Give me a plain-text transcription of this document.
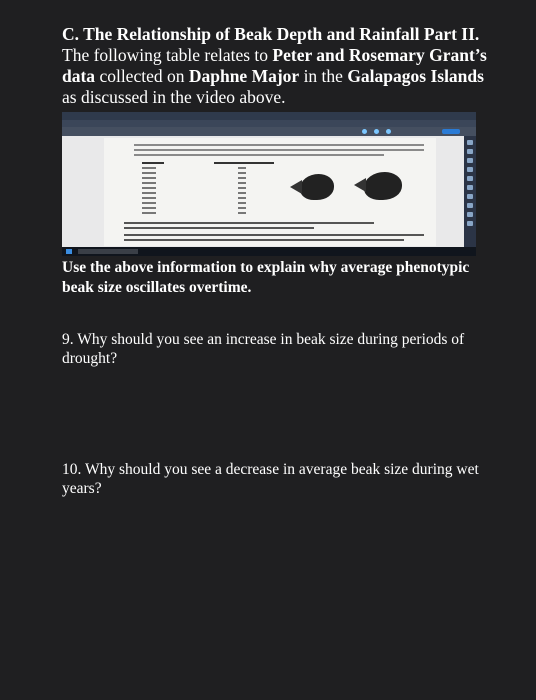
C. The Relationship of Beak Depth and Rainfall Part II.
The following table relates to Peter and Rosemary Grant’s data collected on Daphne Major in the Galapagos Islands as discussed in the video above.
Use the above information to explain why average phenotypic beak size oscillates overtime.
9. Why should you see an increase in beak size during periods of drought?
10. Why should you see a decrease in average beak size during wet years?
